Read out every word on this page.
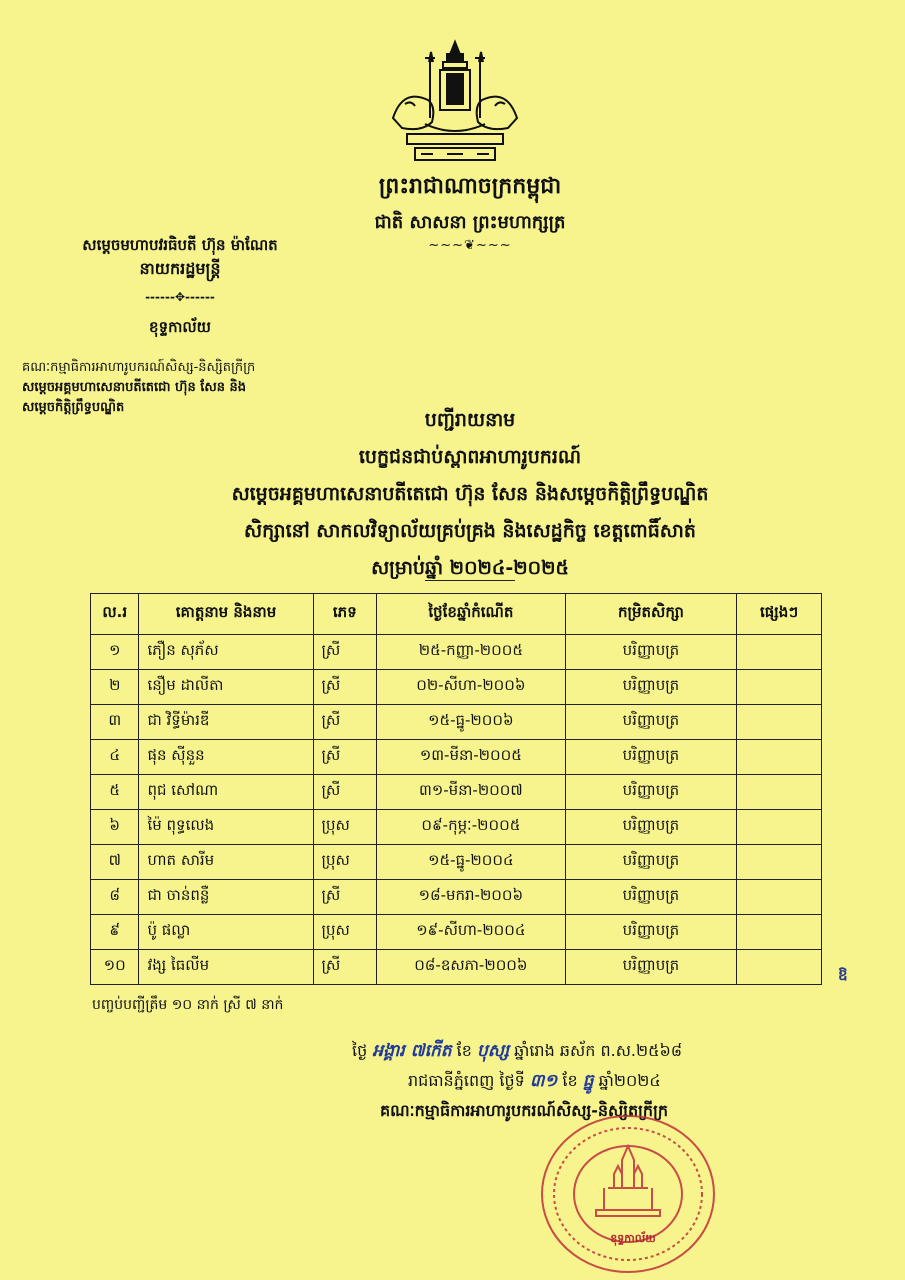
ព្រះរាជាណាចក្រកម្ពុជា
ជាតិ សាសនា ព្រះមហាក្សត្រ
~~~❦~~~
សម្តេចមហាបវរធិបតី ហ៊ុន ម៉ាណែត
នាយករដ្ឋមន្ត្រី
------✥------
ខុទ្ទកាល័យ
គណៈកម្មាធិការអាហារូបករណ៍សិស្ស-និស្សិតក្រីក្រ
សម្តេចអគ្គមហាសេនាបតីតេជោ ហ៊ុន សែន និង
សម្តេចកិត្តិព្រឹទ្ធបណ្ឌិត
បញ្ជីរាយនាម
បេក្ខជនជាប់ស្ពាពអាហារូបករណ៍
សម្តេចអគ្គមហាសេនាបតីតេជោ ហ៊ុន សែន និងសម្តេចកិត្តិព្រឹទ្ធបណ្ឌិត
សិក្សានៅ សាកលវិទ្យាល័យគ្រប់គ្រង និងសេដ្ឋកិច្ច ខេត្តពោធិ៍សាត់
សម្រាប់ឆ្នាំ ២០២៤-២០២៥
ល.រ	គោត្តនាម និងនាម	ភេទ	ថ្ងៃខែឆ្នាំកំណើត	កម្រិតសិក្សា	ផ្សេងៗ
១	ភឿន សុភ័ស	ស្រី	២៥-កញ្ញា-២០០៥	បរិញ្ញាបត្រ	
២	នឿម ដាលីតា	ស្រី	០២-សីហា-២០០៦	បរិញ្ញាបត្រ	
៣	ជា វិទ្ធីម៉ារឌី	ស្រី	១៥-ធ្នូ-២០០៦	បរិញ្ញាបត្រ	
៤	ផុន ស៊ីនួន	ស្រី	១៣-មីនា-២០០៥	បរិញ្ញាបត្រ	
៥	ពុជ សៅណា	ស្រី	៣១-មីនា-២០០៧	បរិញ្ញាបត្រ	
៦	ម៉ៃ ពុទ្ធលេង	ប្រុស	០៩-កុម្ភៈ-២០០៥	បរិញ្ញាបត្រ	
៧	ហាត សារីម	ប្រុស	១៥-ធ្នូ-២០០៤	បរិញ្ញាបត្រ	
៨	ជា ចាន់ពន្លឺ	ស្រី	១៨-មករា-២០០៦	បរិញ្ញាបត្រ	
៩	ប៉ូ ផល្លា	ប្រុស	១៩-សីហា-២០០៤	បរិញ្ញាបត្រ	
១០	វង្ស ធៃលីម	ស្រី	០៨-ឧសភា-២០០៦	បរិញ្ញាបត្រ	
ឱ
បញ្ចប់បញ្ជីត្រឹម ១០ នាក់ ស្រី ៧ នាក់
ថ្ងៃ អង្គារ ៧កើត ខែ បុស្ស ឆ្នាំរោង ឆស័ក ព.ស.២៥៦៨
រាជធានីភ្នំពេញ ថ្ងៃទី ៣១ ខែ ធ្នូ ឆ្នាំ២០២៤
គណៈកម្មាធិការអាហារូបករណ៍សិស្ស-និស្សិតក្រីក្រ
ខុទ្ទកាល័យ
